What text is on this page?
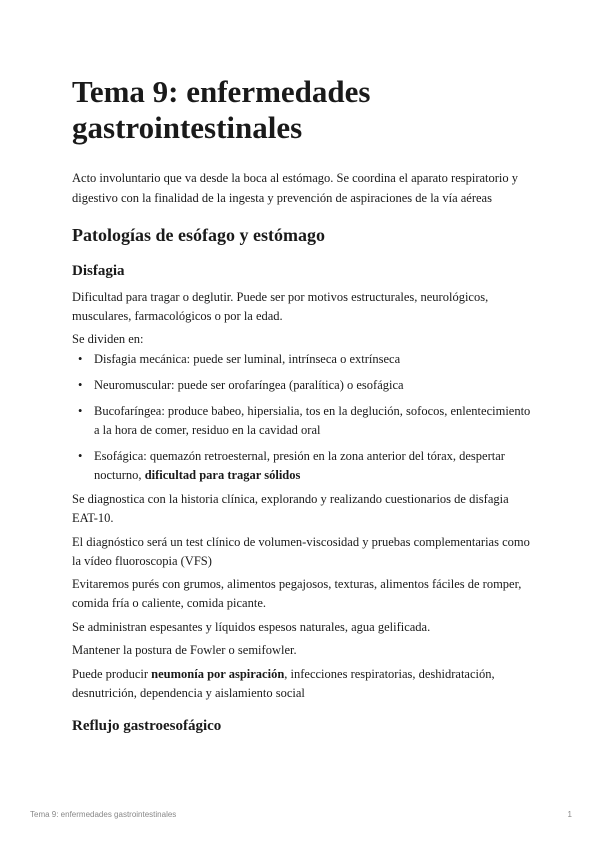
Tema 9: enfermedades gastrointestinales

Acto involuntario que va desde la boca al estómago. Se coordina el aparato respiratorio y digestivo con la finalidad de la ingesta y prevención de aspiraciones de la vía aéreas

Patologías de esófago y estómago
Disfagia

Dificultad para tragar o deglutir. Puede ser por motivos estructurales, neurológicos, musculares, farmacológicos o por la edad.

Se dividen en:

• Disfagia mecánica: puede ser luminal, intrínseca o extrínseca
• Neuromuscular: puede ser orofaríngea (paralítica) o esofágica
• Bucofaríngea: produce babeo, hipersialia, tos en la deglución, sofocos, enlentecimiento a la hora de comer, residuo en la cavidad oral
• Esofágica: quemazón retroesternal, presión en la zona anterior del tórax, despertar nocturno, dificultad para tragar sólidos

Se diagnostica con la historia clínica, explorando y realizando cuestionarios de disfagia EAT-10.

El diagnóstico será un test clínico de volumen-viscosidad y pruebas complementarias como la vídeo fluoroscopia (VFS)

Evitaremos purés con grumos, alimentos pegajosos, texturas, alimentos fáciles de romper, comida fría o caliente, comida picante.

Se administran espesantes y líquidos espesos naturales, agua gelificada.

Mantener la postura de Fowler o semifowler.

Puede producir neumonía por aspiración, infecciones respiratorias, deshidratación, desnutrición, dependencia y aislamiento social

Reflujo gastroesofágico
Tema 9: enfermedades gastrointestinales	1
